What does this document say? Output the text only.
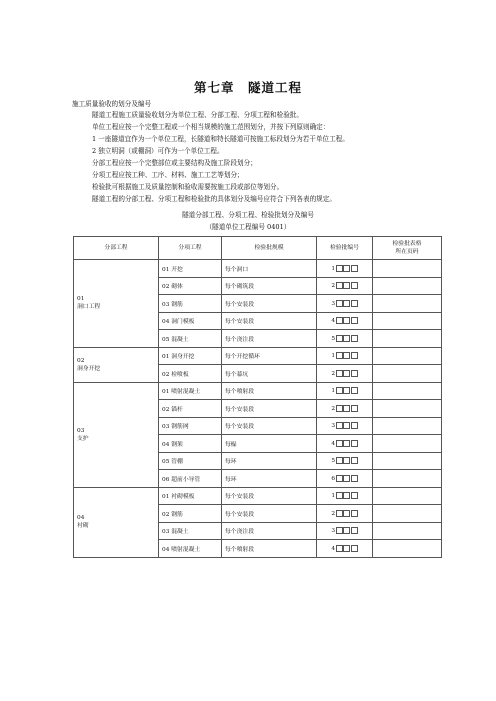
第七章　隧道工程
施工质量验收的划分及编号
隧道工程施工质量验收划分为单位工程、分部工程、分项工程和检验批。
单位工程应按一个完整工程或一个相当规模的施工范围划分，并按下列原则确定：
1 一座隧道宜作为一个单位工程，长隧道和特长隧道可按施工标段划分为若干单位工程。
2 独立明洞（或棚洞）可作为一个单位工程。
分部工程应按一个完整部位或主要结构及施工阶段划分；
分项工程应按工种、工序、材料、施工工艺等划分；
检验批可根据施工及质量控制和验收需要按施工段或部位等划分。
隧道工程的分部工程、分项工程和检验批的具体划分及编号应符合下列各表的规定。
隧道分部工程、分项工程、检验批划分及编号
（隧道单位工程编号 0401）
分部工程	分项工程	检验批规模	检验批编号	检验批表格
所在页码

01
洞口工程	01 开挖	每个洞口	1	
	02 砌体	每个砌筑段	2	
	03 钢筋	每个安装段	3	
	04 洞门模板	每个安装段	4	
	05 混凝土	每个浇注段	5	

02
洞身开挖	01 洞身开挖	每个开挖循环	1	
	02 检喷板	每个幕坑	2	

03
支护	01 喷射混凝土	每个喷射段	1	
	02 锚杆	每个安装段	2	
	03 钢筋网	每个安装段	3	
	04 钢架	每榀	4	
	05 管棚	每环	5	
	06 超前小导管	每环	6	

04
衬砌	01 衬砌模板	每个安装段	1	
	02 钢筋	每个安装段	2	
	03 混凝土	每个浇注段	3	
	04 喷射混凝土	每个喷射段	4	
